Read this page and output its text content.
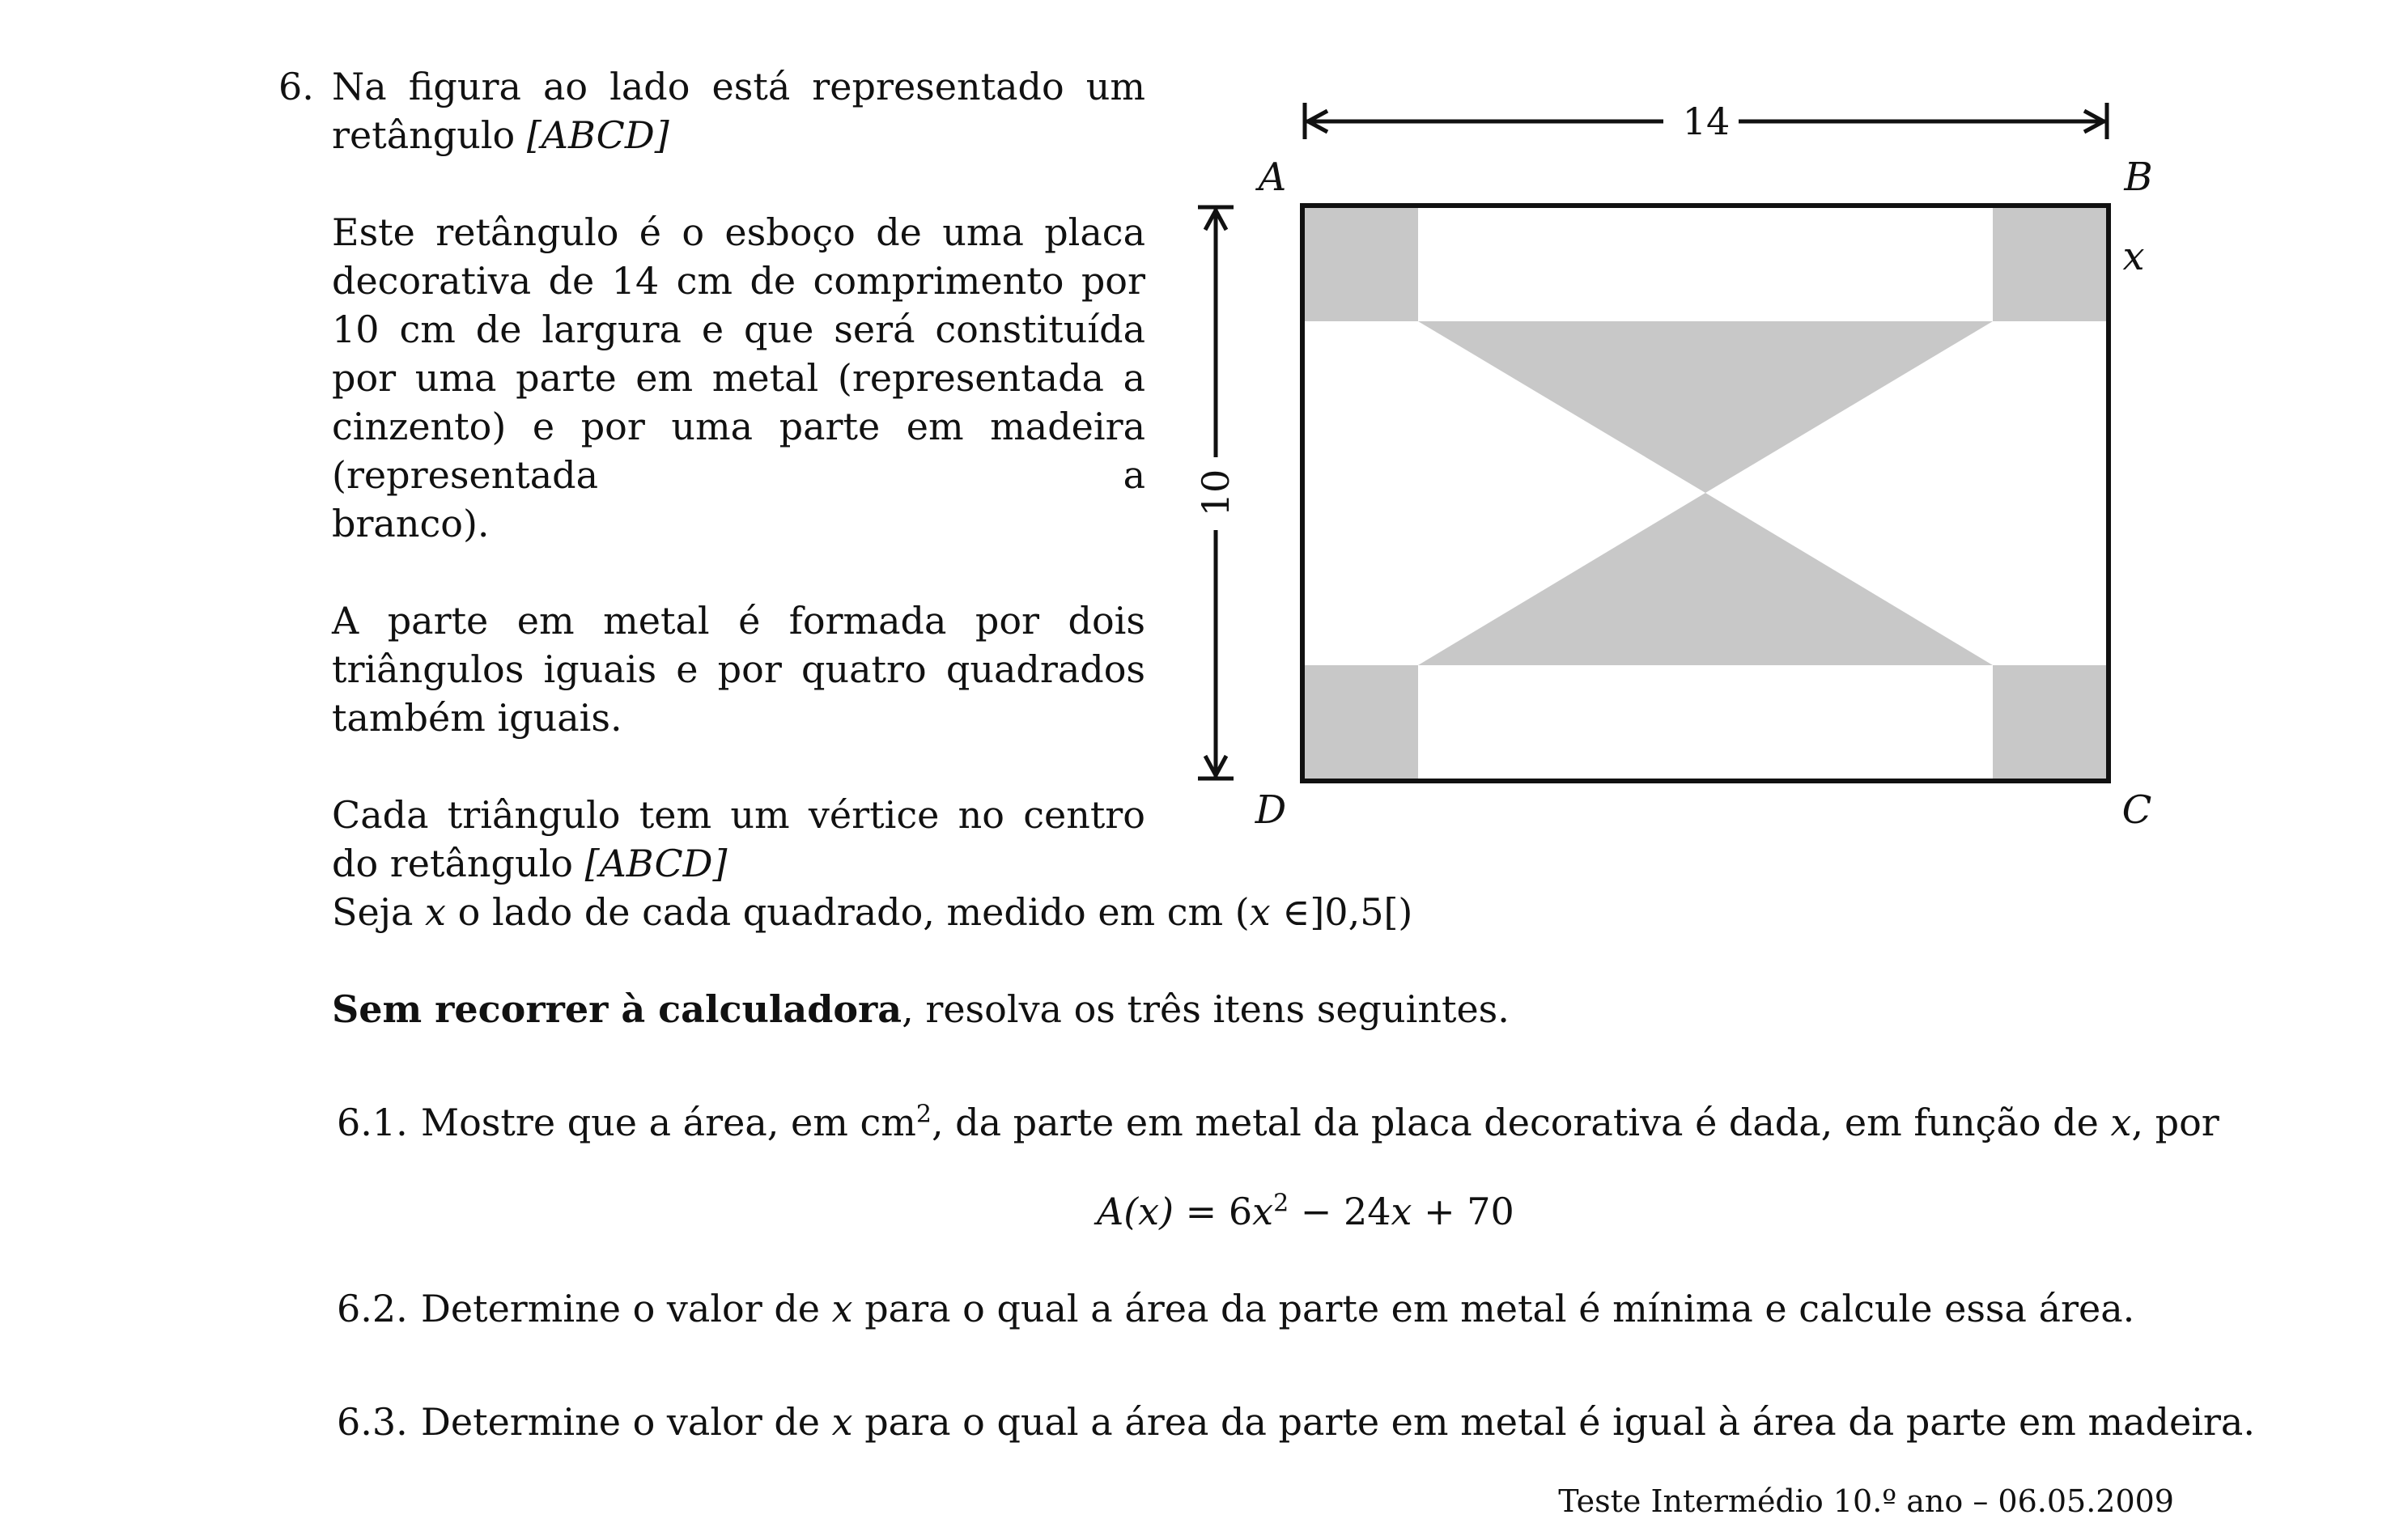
6. Na figura ao lado está representado um
retângulo [ABCD]
Este retângulo é o esboço de uma placa decorativa de 14 cm de comprimento por 10 cm de largura e que será constituída por uma parte em metal (representada a cinzento) e por uma parte em madeira (representada a
branco).
A parte em metal é formada por dois triângulos iguais e por quatro quadrados
também iguais.
Cada triângulo tem um vértice no centro
do retângulo [ABCD]
14
10
A	B
C
D
x
Seja x o lado de cada quadrado, medido em cm (x ∈]0,5[)
Sem recorrer à calculadora, resolva os três itens seguintes.
6.1. Mostre que a área, em $cm^2$, da parte em metal da placa decorativa é dada, em função de x, por
$A(x) = 6x^2 - 24x + 70$
6.2. Determine o valor de x para o qual a área da parte em metal é mínima e calcule essa área.
6.3. Determine o valor de x para o qual a área da parte em metal é igual à área da parte em madeira.
Teste Intermédio 10.º ano – 06.05.2009
